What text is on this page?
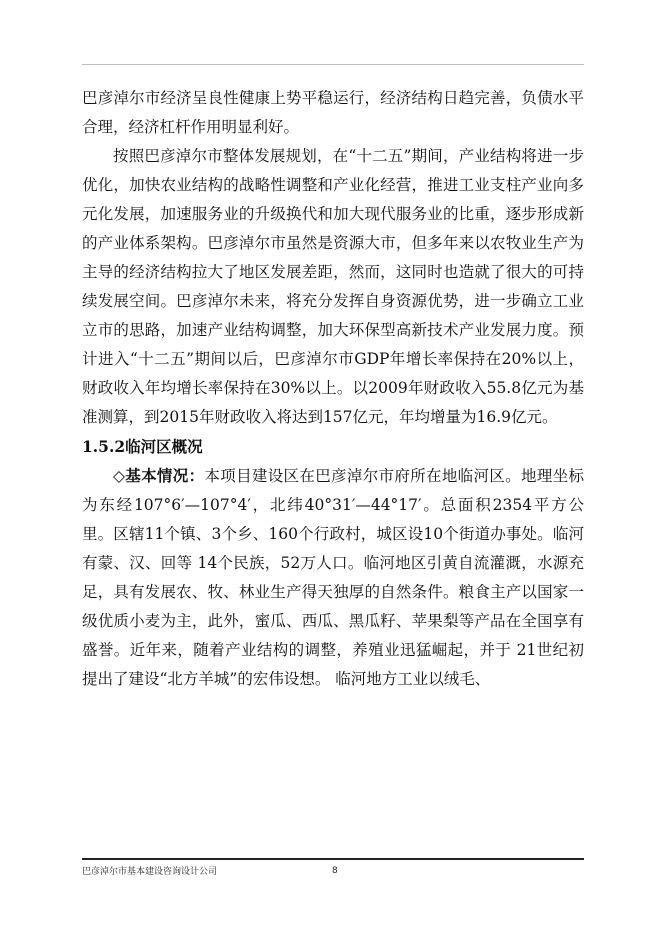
巴彦淖尔市经济呈良性健康上势平稳运行，经济结构日趋完善，负债水平合理，经济杠杆作用明显利好。

按照巴彦淖尔市整体发展规划，在“十二五”期间，产业结构将进一步优化，加快农业结构的战略性调整和产业化经营，推进工业支柱产业向多元化发展，加速服务业的升级换代和加大现代服务业的比重，逐步形成新的产业体系架构。巴彦淖尔市虽然是资源大市，但多年来以农牧业生产为主导的经济结构拉大了地区发展差距，然而，这同时也造就了很大的可持续发展空间。巴彦淖尔未来，将充分发挥自身资源优势，进一步确立工业立市的思路，加速产业结构调整，加大环保型高新技术产业发展力度。预计进入“十二五”期间以后，巴彦淖尔市GDP年增长率保持在20%以上，财政收入年均增长率保持在30%以上。以2009年财政收入55.8亿元为基准测算，到2015年财政收入将达到157亿元，年均增量为16.9亿元。

1.5.2临河区概况

◇基本情况：本项目建设区在巴彦淖尔市府所在地临河区。地理坐标为东经107°6′—107°4′，北纬40°31′—44°17′。总面积2354平方公里。区辖11个镇、3个乡、160个行政村，城区设10个街道办事处。临河有蒙、汉、回等 14个民族，52万人口。临河地区引黄自流灌溉，水源充足，具有发展农、牧、林业生产得天独厚的自然条件。粮食主产以国家一级优质小麦为主，此外，蜜瓜、西瓜、黑瓜籽、苹果梨等产品在全国享有盛誉。近年来，随着产业结构的调整，养殖业迅猛崛起，并于 21世纪初提出了建设“北方羊城”的宏伟设想。 临河地方工业以绒毛、

巴彦淖尔市基本建设咨询设计公司	8
